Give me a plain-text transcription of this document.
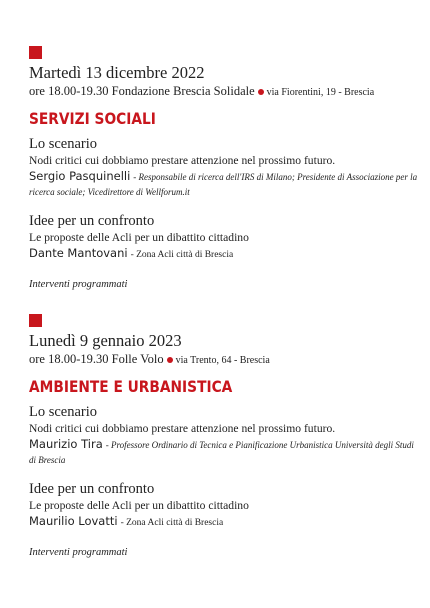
Martedì 13 dicembre 2022
ore 18.00-19.30 Fondazione Brescia Solidale via Fiorentini, 19 - Brescia
SERVIZI SOCIALI
Lo scenario
Nodi critici cui dobbiamo prestare attenzione nel prossimo futuro.
Sergio Pasquinelli - Responsabile di ricerca dell'IRS di Milano; Presidente di Associazione per la ricerca sociale; Vicedirettore di Wellforum.it
Idee per un confronto
Le proposte delle Acli per un dibattito cittadino
Dante Mantovani - Zona Acli città di Brescia
Interventi programmati
Lunedì 9 gennaio 2023
ore 18.00-19.30 Folle Volo via Trento, 64 - Brescia
AMBIENTE E URBANISTICA
Lo scenario
Nodi critici cui dobbiamo prestare attenzione nel prossimo futuro.
Maurizio Tira - Professore Ordinario di Tecnica e Pianificazione Urbanistica Università degli Studi di Brescia
Idee per un confronto
Le proposte delle Acli per un dibattito cittadino
Maurilio Lovatti - Zona Acli città di Brescia
Interventi programmati
